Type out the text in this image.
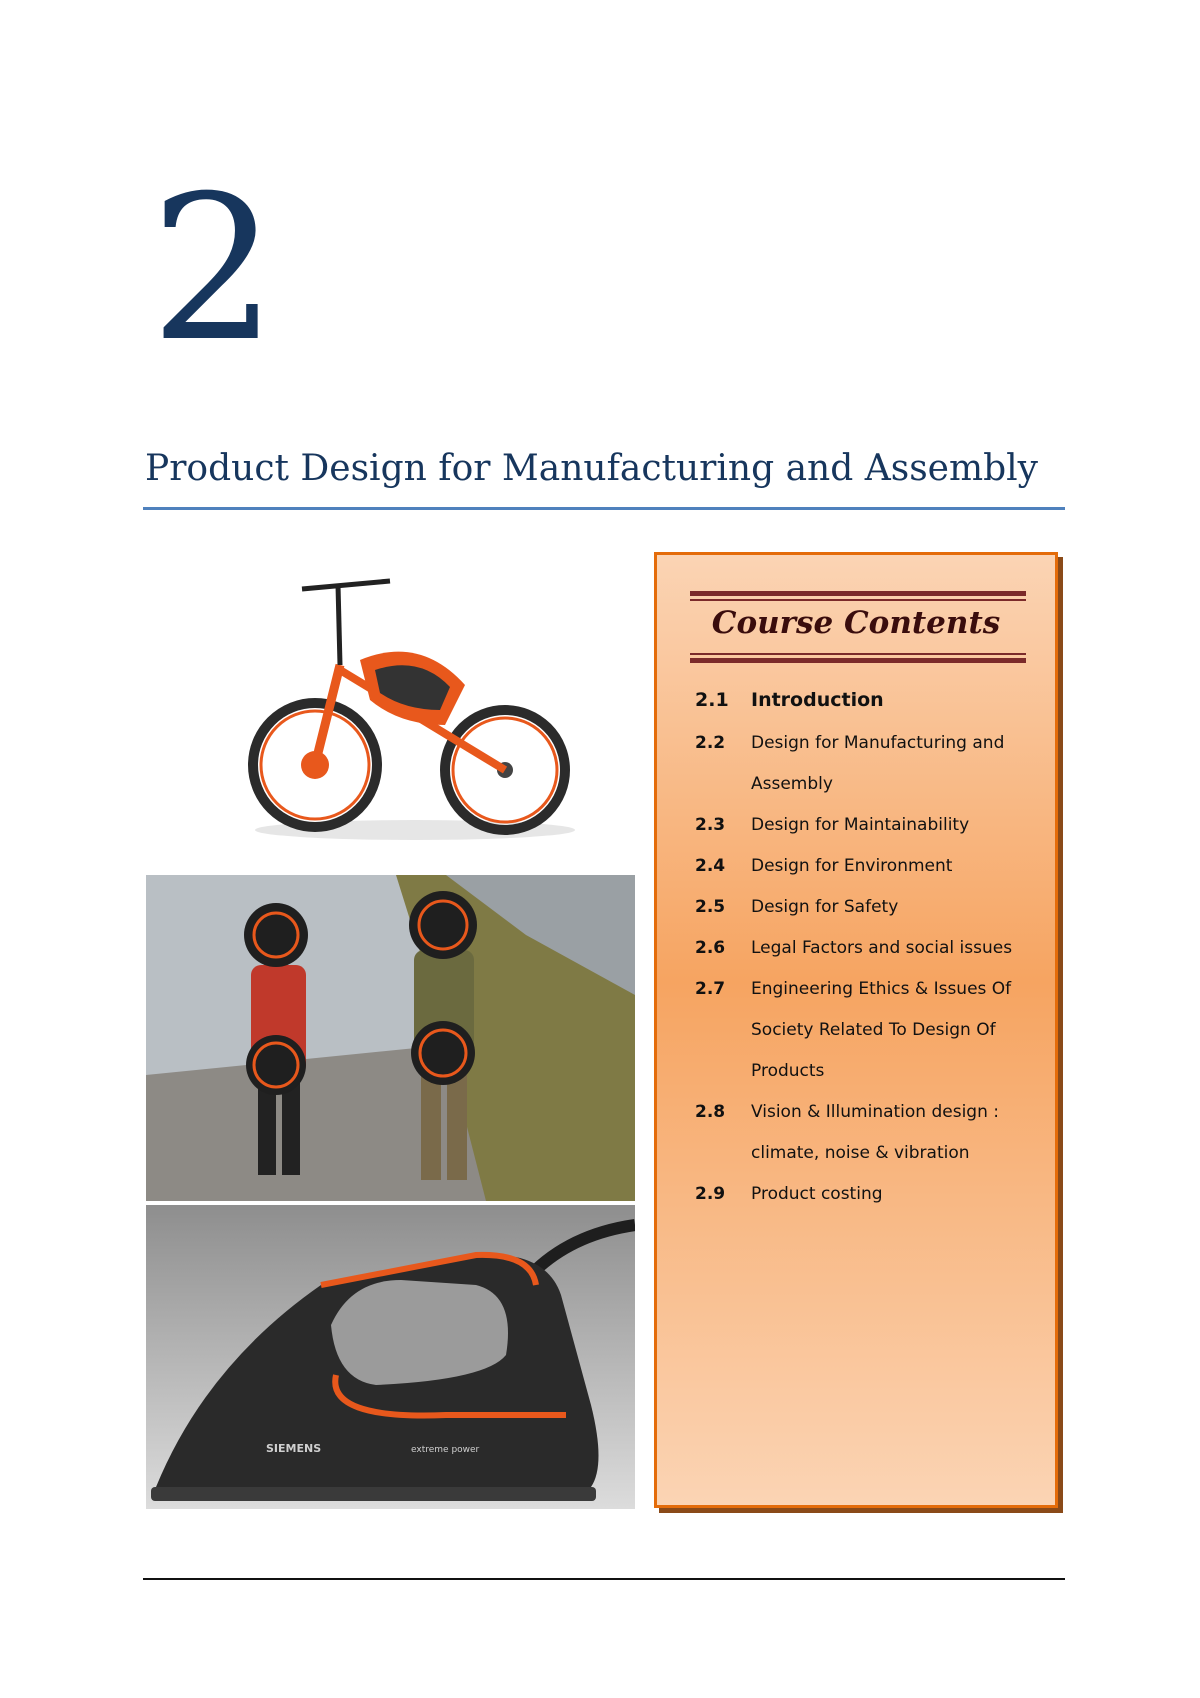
2
Product Design for Manufacturing and Assembly
SIEMENS	extreme power
Course Contents
2.1	Introduction
2.2	Design for Manufacturing and Assembly
2.3	Design for Maintainability
2.4	Design for Environment
2.5	Design for Safety
2.6	Legal Factors and social issues
2.7	Engineering Ethics & Issues Of Society Related To Design Of Products
2.8	Vision & Illumination design : climate, noise & vibration
2.9	Product costing
